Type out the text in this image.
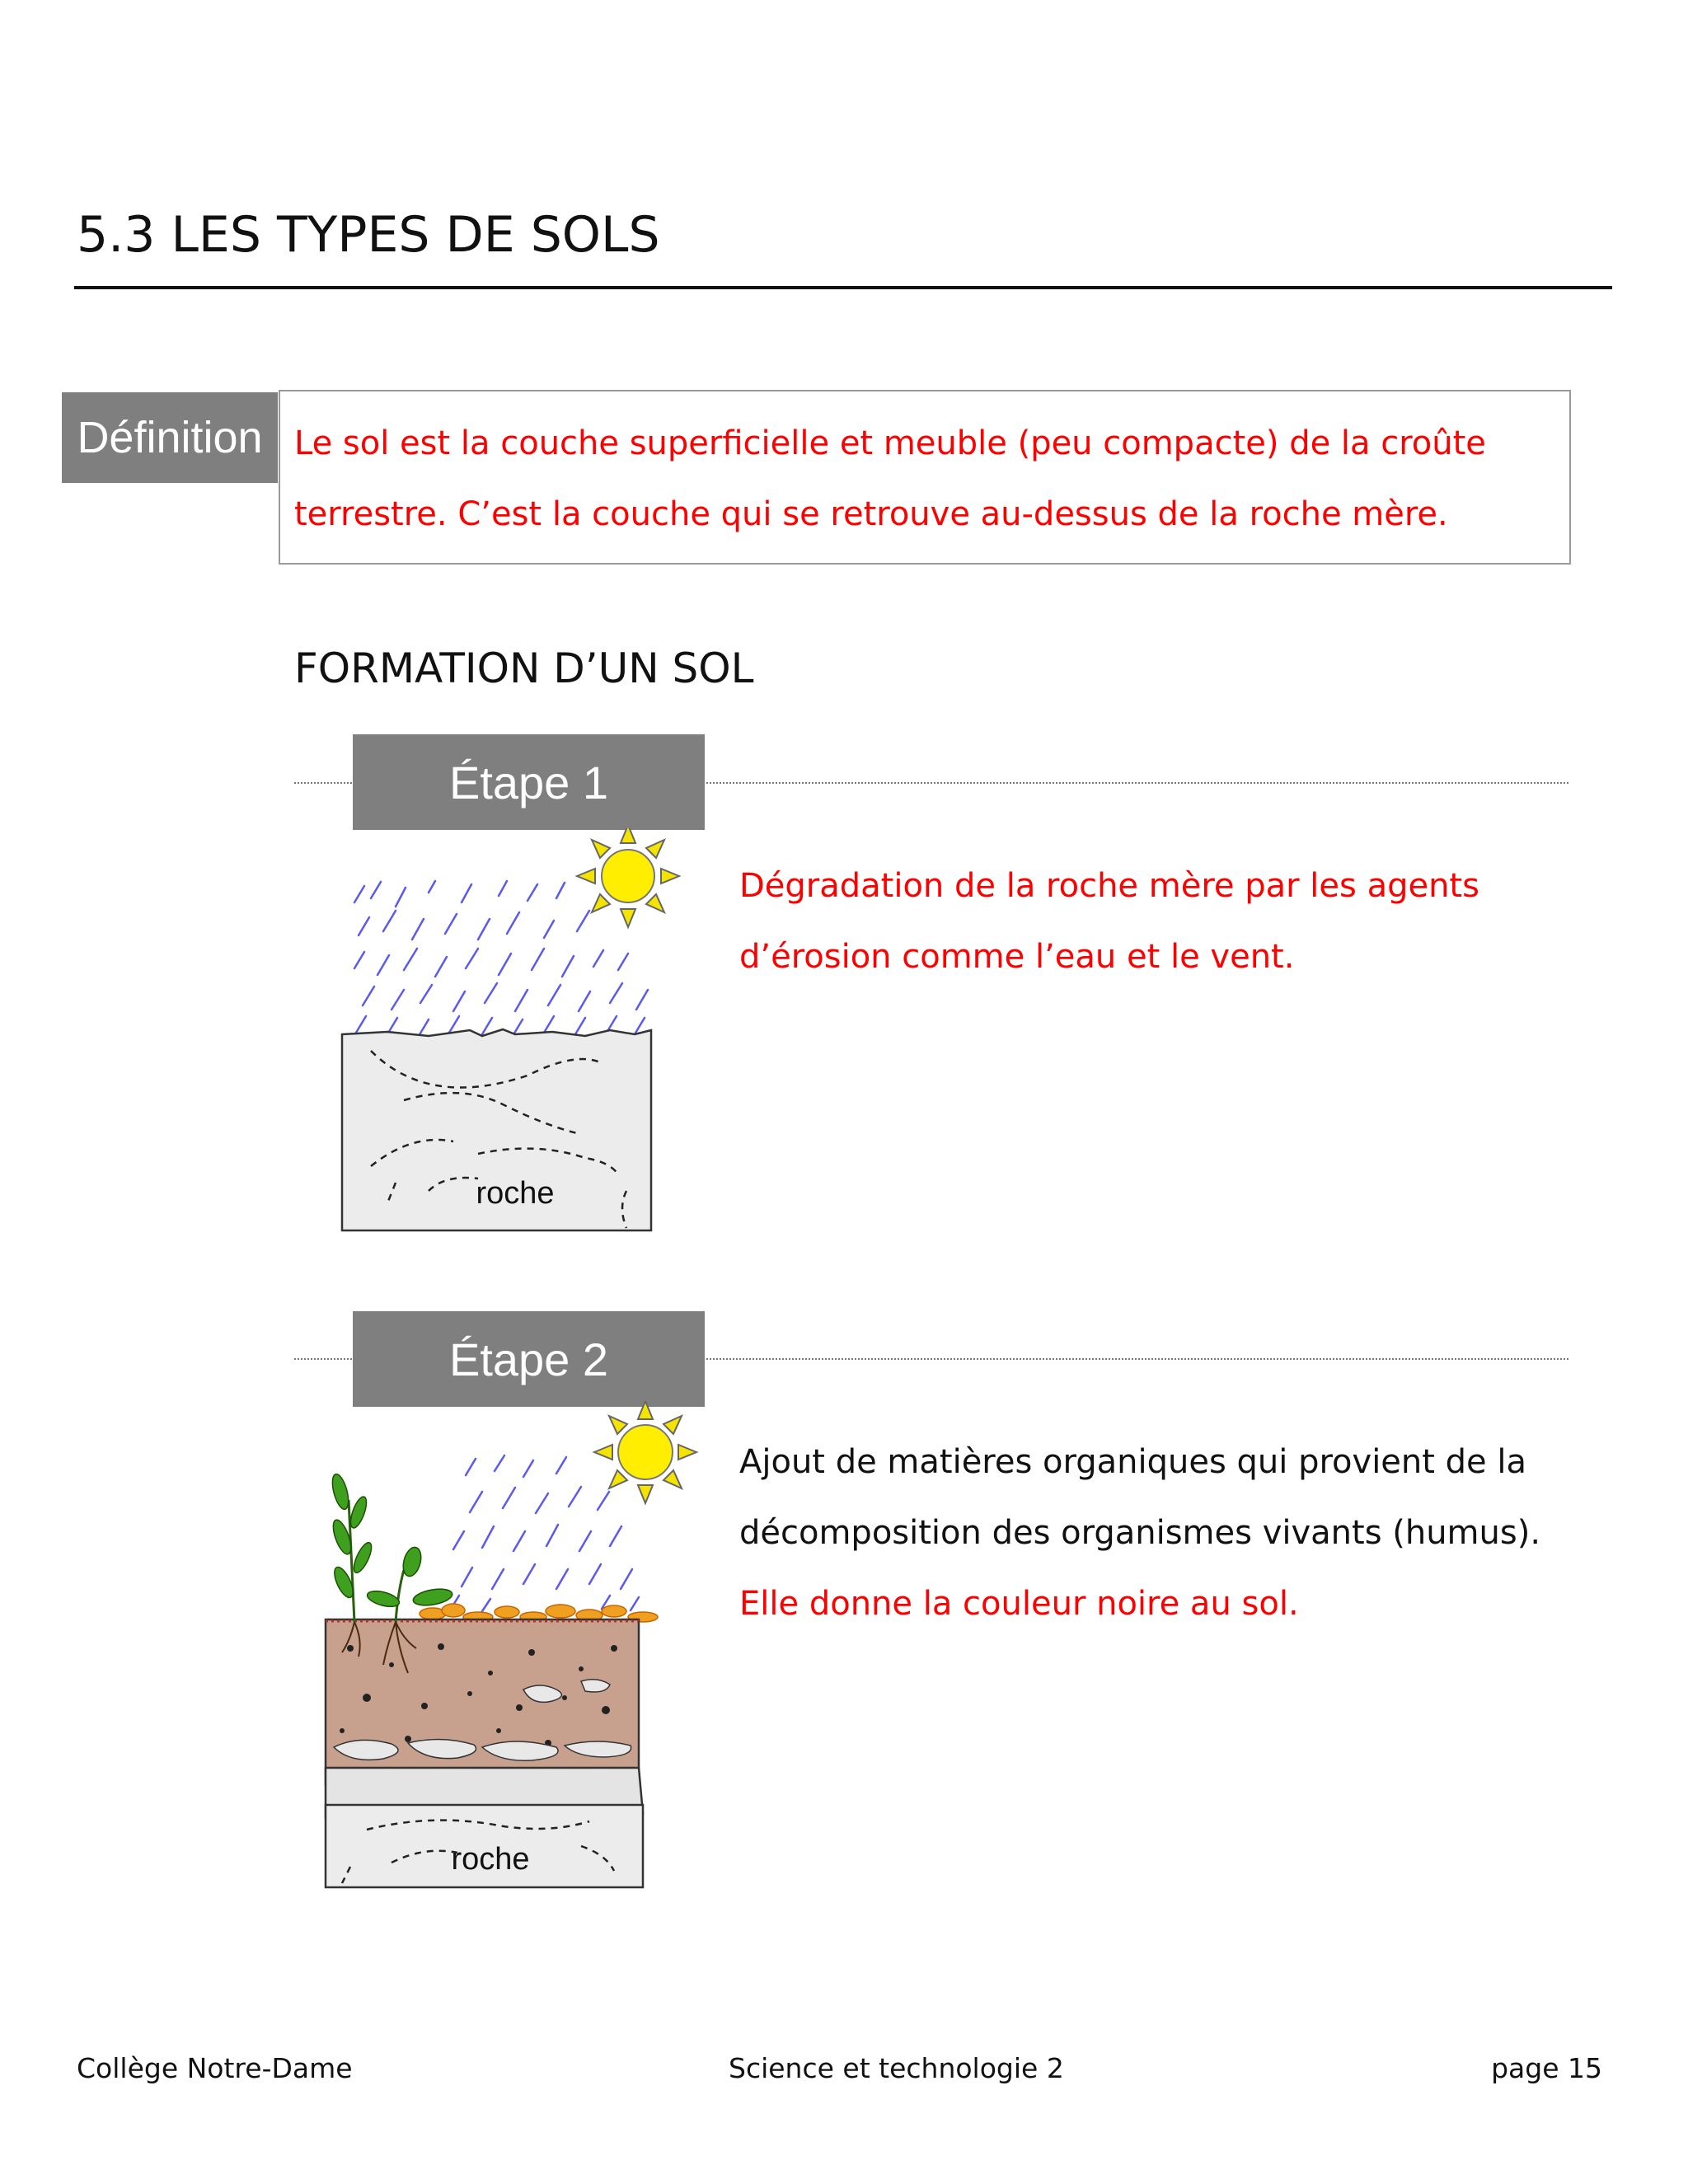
5.3 LES TYPES DE SOLS
Définition Le sol est la couche superficielle et meuble (peu compacte) de la croûte
terrestre. C’est la couche qui se retrouve au-dessus de la roche mère.
FORMATION D’UN SOL
Étape 1
roche
Dégradation de la roche mère par les agents
d’érosion comme l’eau et le vent.
Étape 2
roche
Ajout de matières organiques qui provient de la
décomposition des organismes vivants (humus).
Elle donne la couleur noire au sol.
Collège Notre-Dame	Science et technologie 2	page 15
